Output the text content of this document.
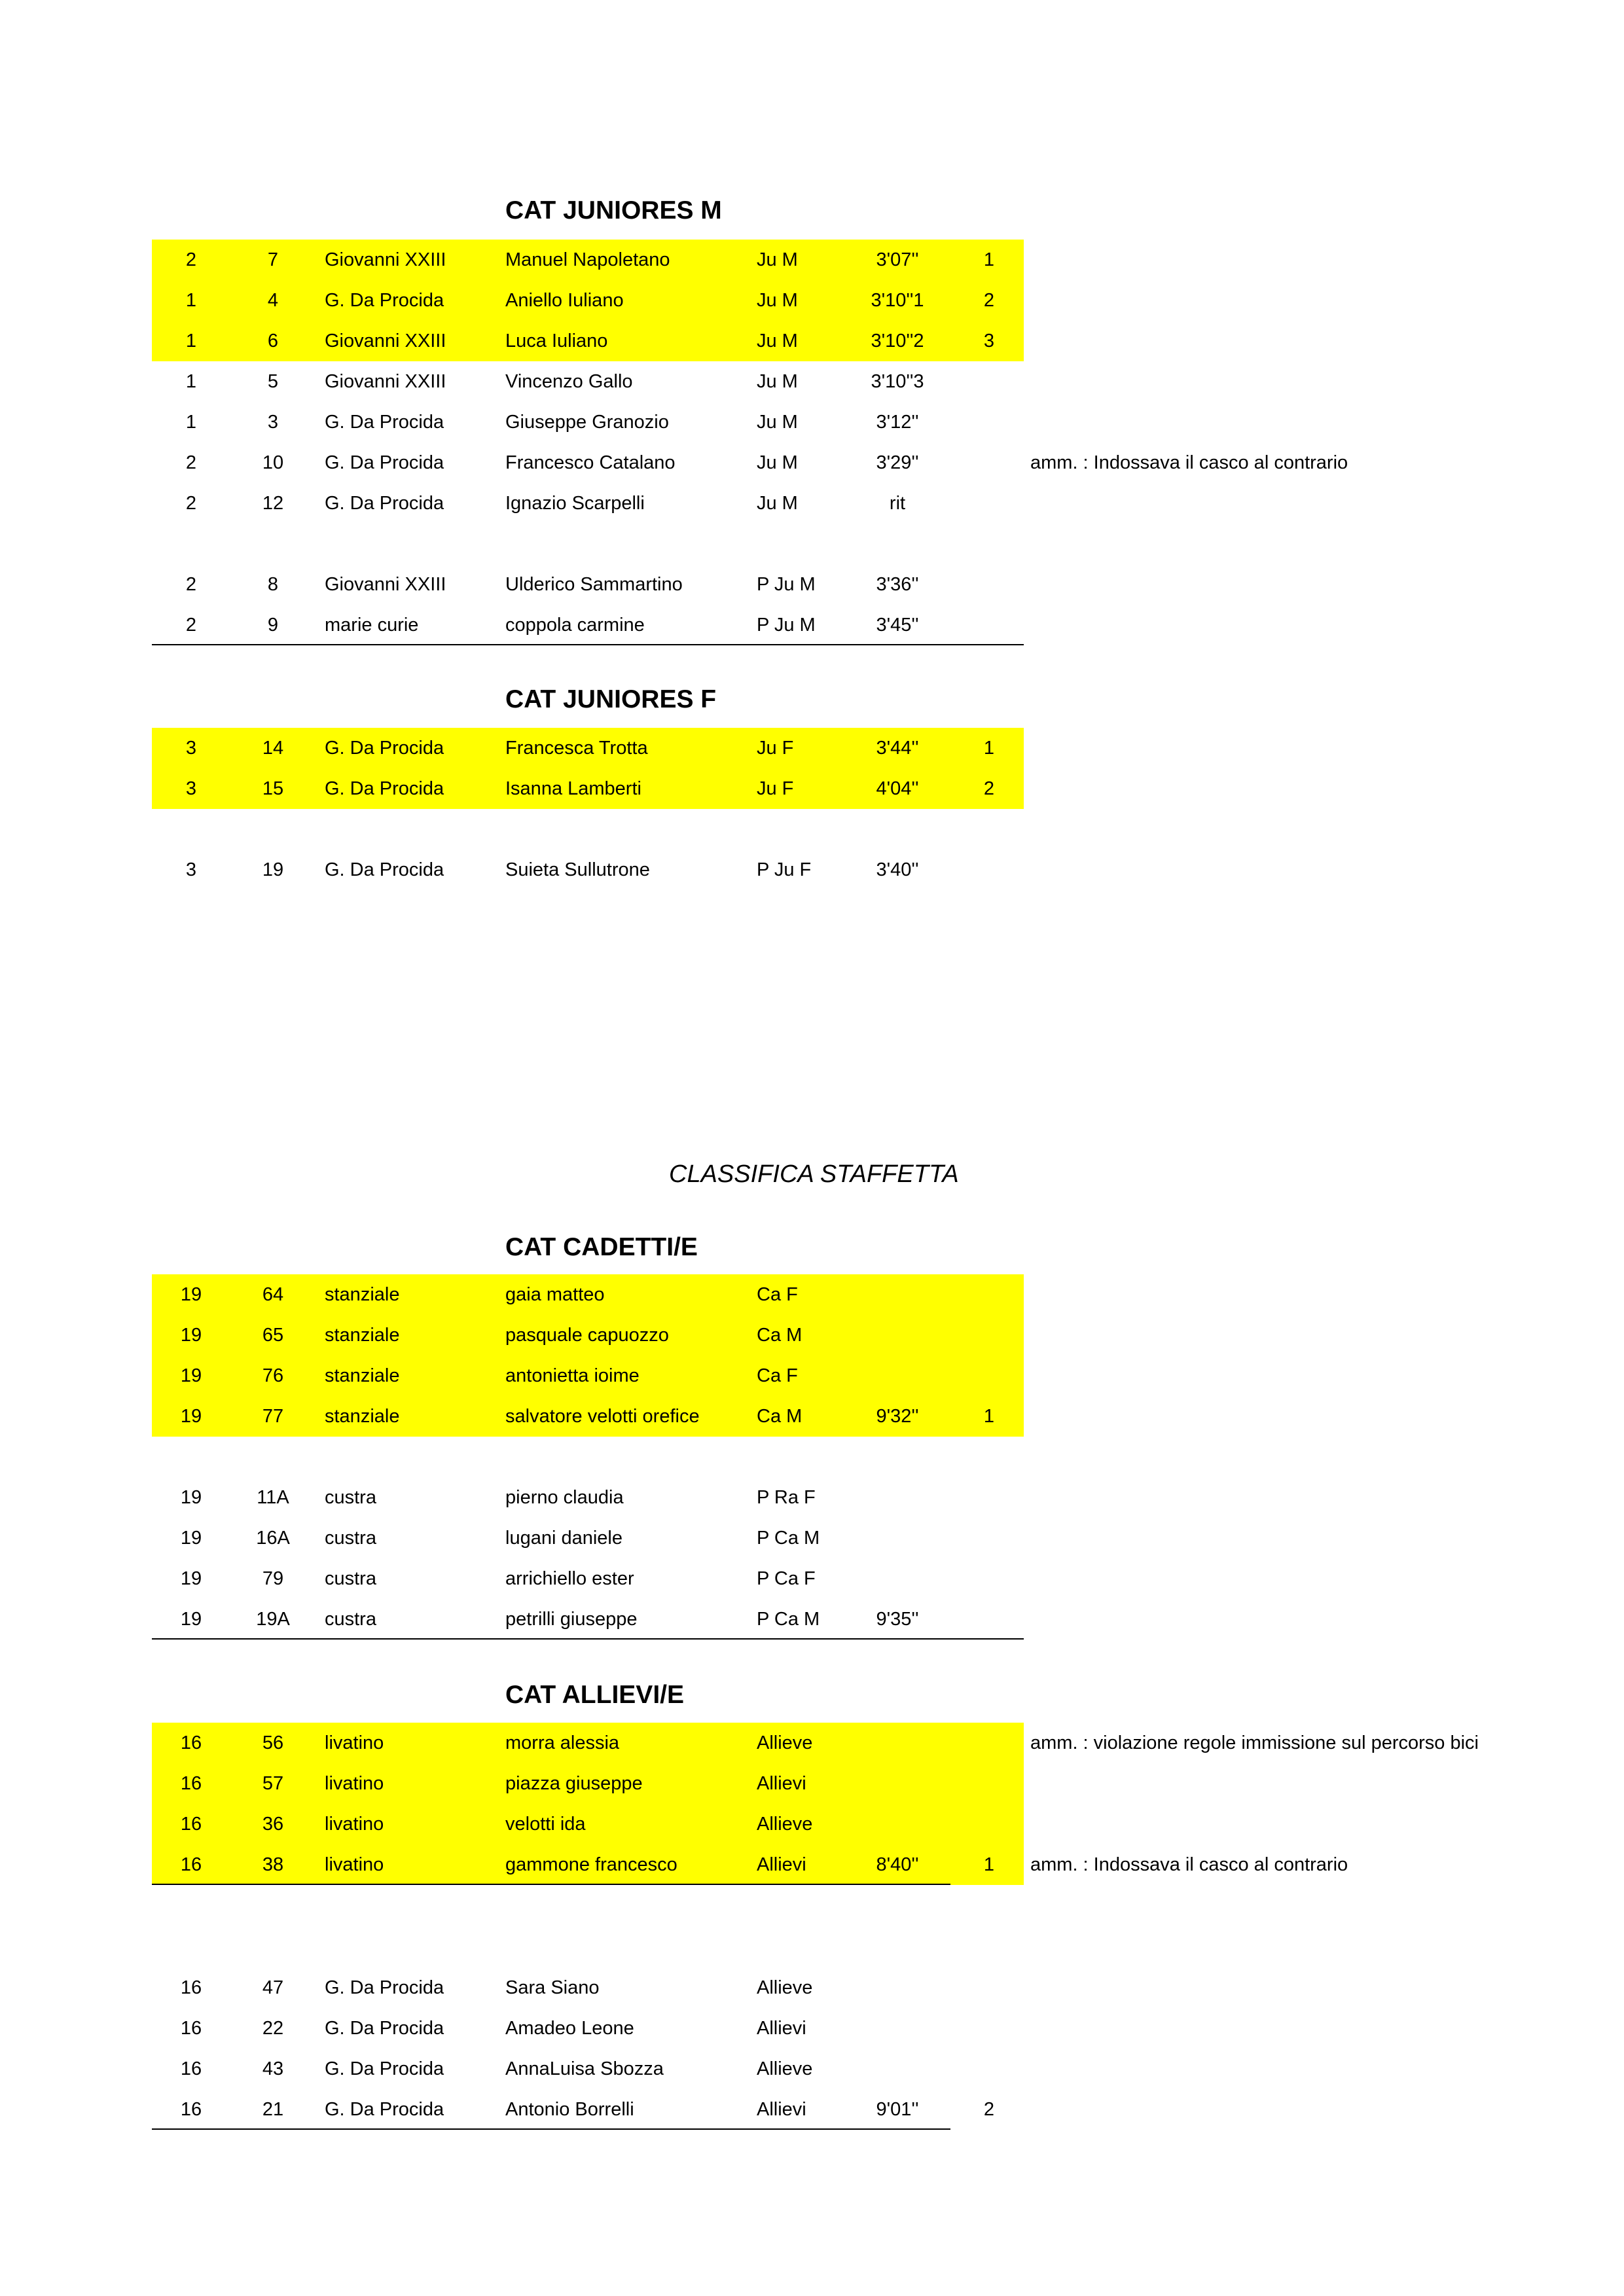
CLASSIFICA STAFFETTA
CAT JUNIORES M
2	7	Giovanni XXIII	Manuel Napoletano	Ju M	3'07''	1
1	4	G. Da Procida	Aniello Iuliano	Ju M	3'10''1	2
1	6	Giovanni XXIII	Luca Iuliano	Ju M	3'10''2	3
1	5	Giovanni XXIII	Vincenzo Gallo	Ju M	3'10''3
1	3	G. Da Procida	Giuseppe Granozio	Ju M	3'12''
2	10	G. Da Procida	Francesco Catalano	Ju M	3'29''	amm. : Indossava il casco al contrario
2	12	G. Da Procida	Ignazio Scarpelli	Ju M	rit
2	8	Giovanni XXIII	Ulderico Sammartino	P Ju M	3'36''
2	9	marie curie	coppola carmine	P Ju M	3'45''
CAT JUNIORES F
3	14	G. Da Procida	Francesca Trotta	Ju F	3'44''	1
3	15	G. Da Procida	Isanna Lamberti	Ju F	4'04''	2
3	19	G. Da Procida	Suieta Sullutrone	P Ju F	3'40''
CAT CADETTI/E
19	64	stanziale	gaia matteo	Ca F
19	65	stanziale	pasquale capuozzo	Ca M
19	76	stanziale	antonietta ioime	Ca F
19	77	stanziale	salvatore velotti orefice	Ca M	9'32''	1
19	11A	custra	pierno claudia	P Ra F
19	16A	custra	lugani daniele	P Ca M
19	79	custra	arrichiello ester	P Ca F
19	19A	custra	petrilli giuseppe	P Ca M	9'35''
CAT ALLIEVI/E
16	56	livatino	morra alessia	Allieve	amm. : violazione regole immissione sul percorso bici
16	57	livatino	piazza giuseppe	Allievi
16	36	livatino	velotti ida	Allieve
16	38	livatino	gammone francesco	Allievi	8'40''	1	amm. : Indossava il casco al contrario
16	47	G. Da Procida	Sara Siano	Allieve
16	22	G. Da Procida	Amadeo Leone	Allievi
16	43	G. Da Procida	AnnaLuisa Sbozza	Allieve
16	21	G. Da Procida	Antonio Borrelli	Allievi	9'01''	2
